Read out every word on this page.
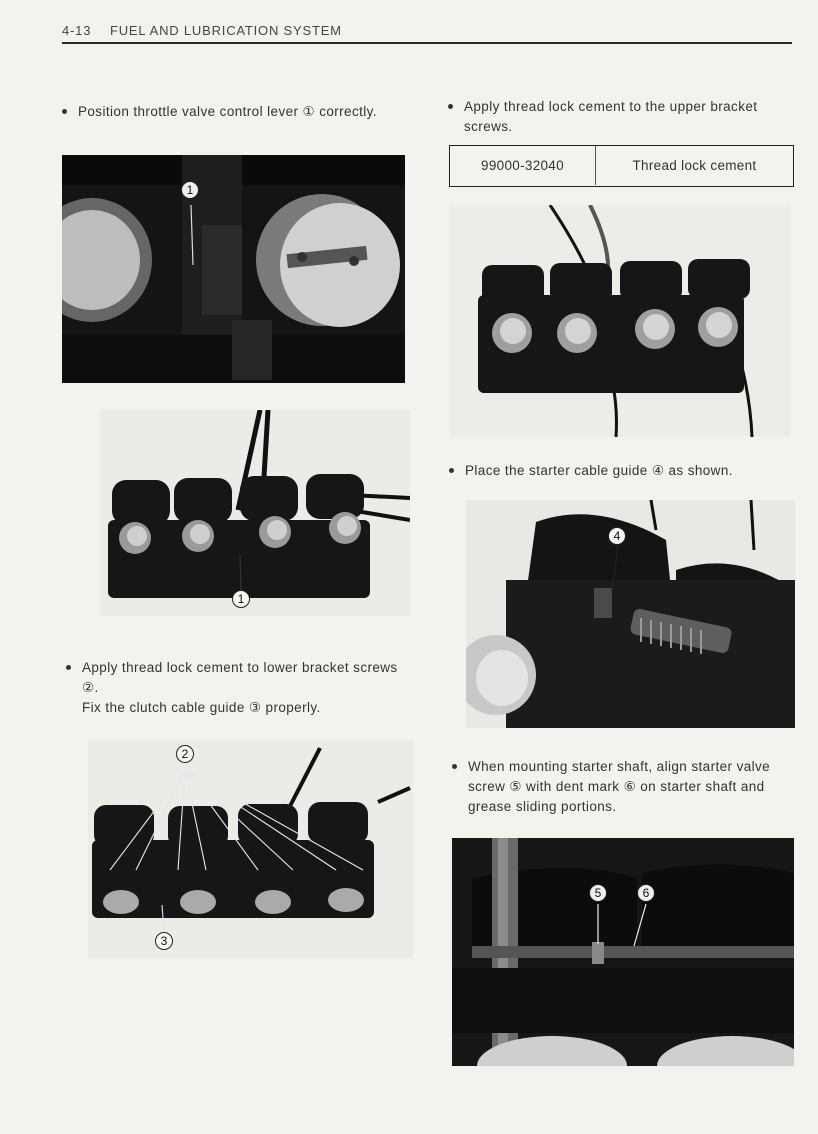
4-13 FUEL AND LUBRICATION SYSTEM

Position throttle valve control lever ① correctly.

1
1

Apply thread lock cement to lower bracket screws ②.

Fix the clutch cable guide ③ properly.

2
3

Apply thread lock cement to the upper bracket screws.

99000-32040	Thread lock cement

Place the starter cable guide ④ as shown.

4

When mounting starter shaft, align starter valve screw ⑤ with dent mark ⑥ on starter shaft and grease sliding portions.

5	6
